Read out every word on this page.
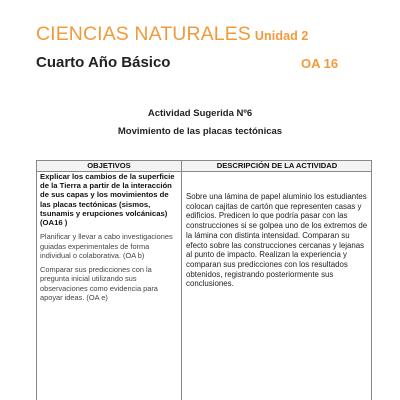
CIENCIAS NATURALES Unidad 2
Cuarto Año Básico	OA 16
Actividad Sugerida Nº6
Movimiento de las placas tectónicas
OBJETIVOS	DESCRIPCIÓN DE LA ACTIVIDAD
Explicar los cambios de la superficie de la Tierra a partir de la interacción de sus capas y los movimientos de las placas tectónicas (sismos, tsunamis y erupciones volcánicas) (OA16 )
Planificar y llevar a cabo investigaciones guiadas experimentales de forma individual o colaborativa. (OA b)
Comparar sus predicciones con la pregunta inicial utilizando sus observaciones como evidencia para apoyar ideas. (OA e)
Sobre una lámina de papel aluminio los estudiantes colocan cajitas de cartón que representen casas y edificios. Predicen lo que podría pasar con las construcciones si se golpea uno de los extremos de la lámina con distinta intensidad. Comparan su efecto sobre las construcciones cercanas y lejanas al punto de impacto. Realizan la experiencia y comparan sus predicciones con los resultados obtenidos, registrando posteriormente sus conclusiones.
